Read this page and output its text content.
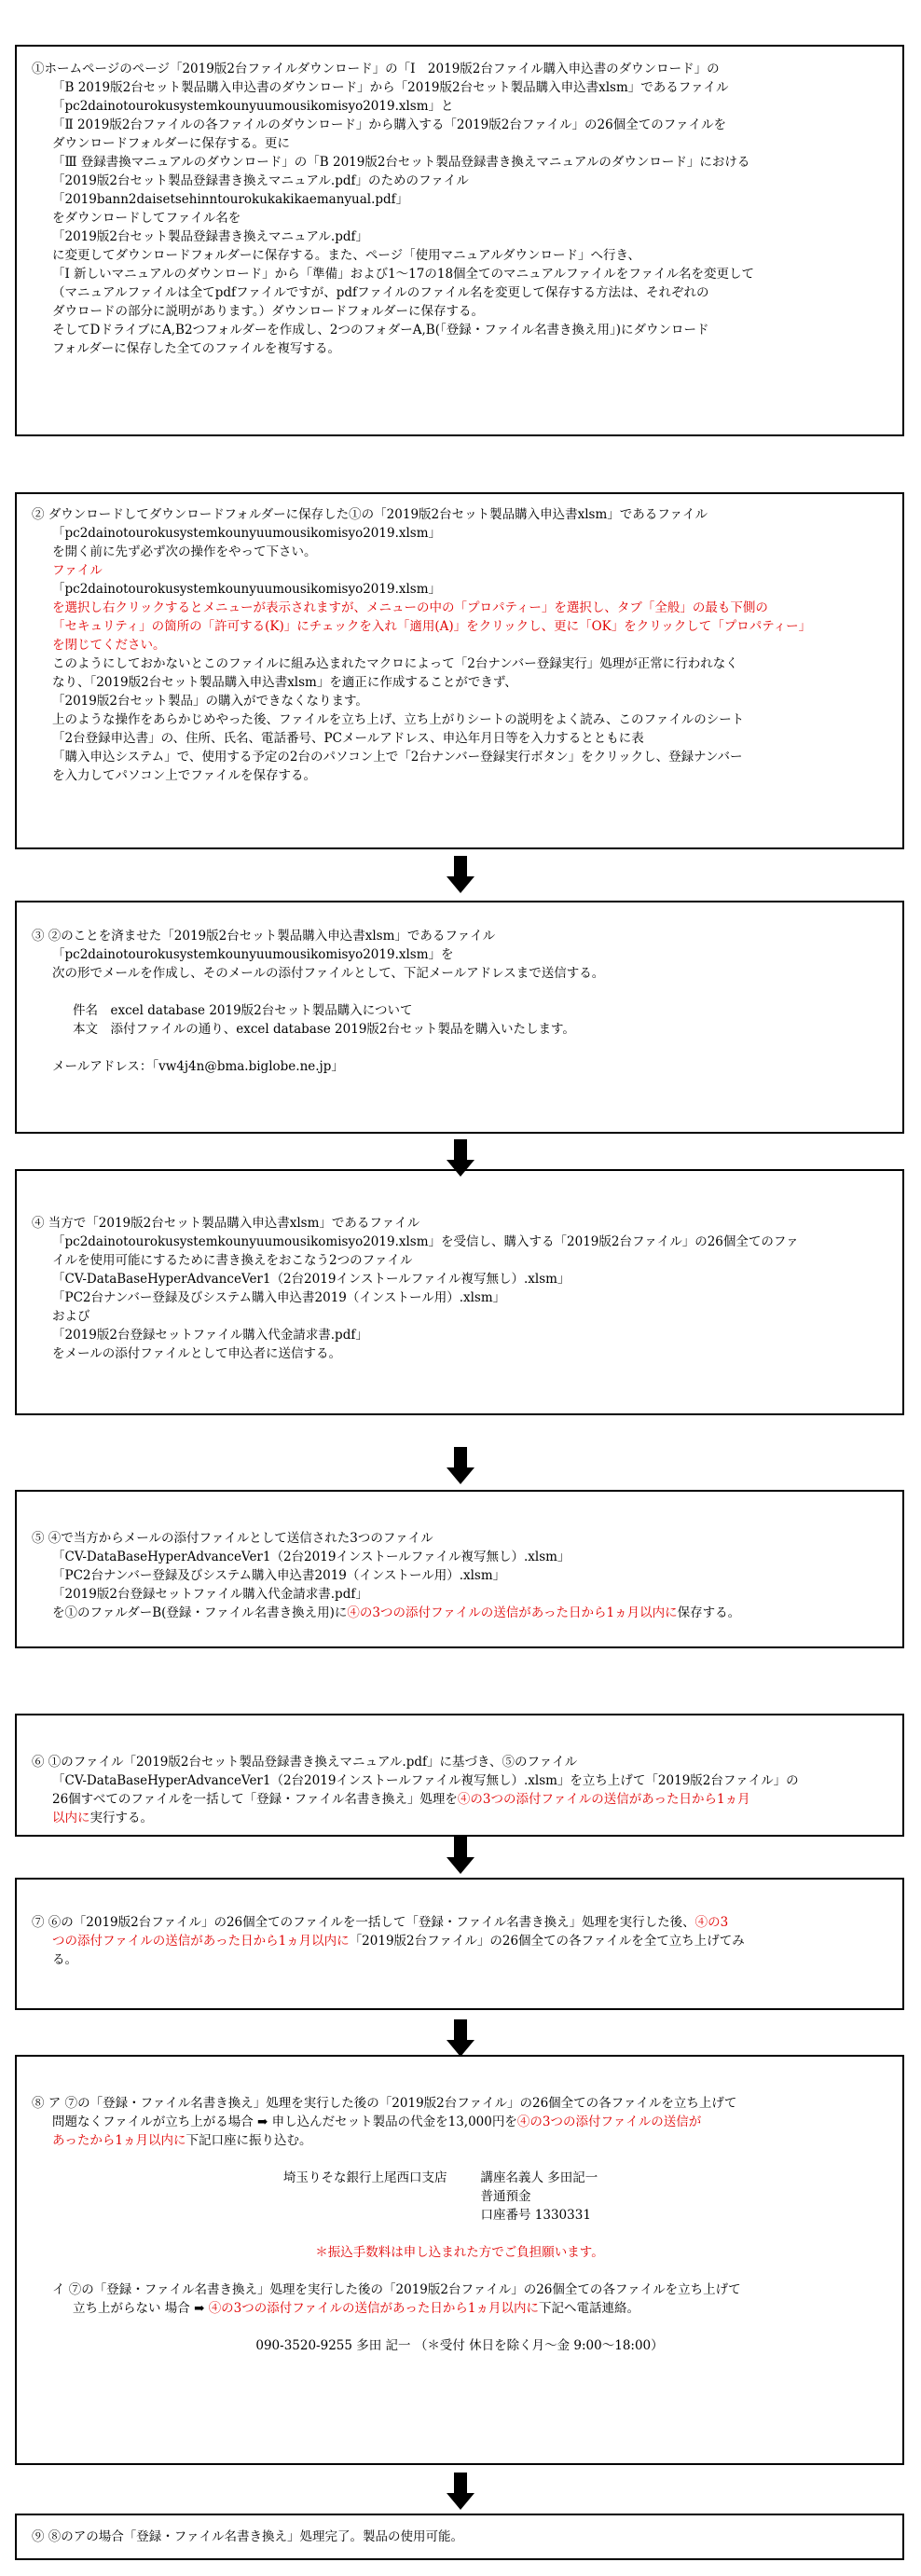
①ホームページのページ「2019版2台ファイルダウンロード」の「Ⅰ　2019版2台ファイル購入申込書のダウンロード」の

「B 2019版2台セット製品購入申込書のダウンロード」から「2019版2台セット製品購入申込書xlsm」であるファイル

「pc2dainotourokusystemkounyuumousikomisyo2019.xlsm」と

「Ⅱ 2019版2台ファイルの各ファイルのダウンロード」から購入する「2019版2台ファイル」の26個全てのファイルを

ダウンロードフォルダーに保存する。更に

「Ⅲ 登録書換マニュアルのダウンロード」の「B 2019版2台セット製品登録書き換えマニュアルのダウンロード」における

「2019版2台セット製品登録書き換えマニュアル.pdf」のためのファイル

「2019bann2daisetsehinntourokukakikaemanyual.pdf」

をダウンロードしてファイル名を

「2019版2台セット製品登録書き換えマニュアル.pdf」

に変更してダウンロードフォルダーに保存する。また、ページ「使用マニュアルダウンロード」へ行き、

「Ⅰ 新しいマニュアルのダウンロード」から「準備」および1～17の18個全てのマニュアルファイルをファイル名を変更して

（マニュアルファイルは全てpdfファイルですが、pdfファイルのファイル名を変更して保存する方法は、それぞれの

ダウロードの部分に説明があります。）ダウンロードフォルダーに保存する。

そしてDドライブにA,B2つフォルダーを作成し、2つのフォダーA,B(「登録・ファイル名書き換え用」)にダウンロード

フォルダーに保存した全てのファイルを複写する。

② ダウンロードしてダウンロードフォルダーに保存した①の「2019版2台セット製品購入申込書xlsm」であるファイル

「pc2dainotourokusystemkounyuumousikomisyo2019.xlsm」

を開く前に先ず必ず次の操作をやって下さい。

ファイル

「pc2dainotourokusystemkounyuumousikomisyo2019.xlsm」

を選択し右クリックするとメニューが表示されますが、メニューの中の「プロパティー」を選択し、タブ「全般」の最も下側の

「セキュリティ」の箇所の「許可する(K)」にチェックを入れ「適用(A)」をクリックし、更に「OK」をクリックして「プロパティー」

を閉じてください。

このようにしておかないとこのファイルに組み込まれたマクロによって「2台ナンバー登録実行」処理が正常に行われなく

なり、「2019版2台セット製品購入申込書xlsm」を適正に作成することができず、

「2019版2台セット製品」の購入ができなくなります。

上のような操作をあらかじめやった後、ファイルを立ち上げ、立ち上がりシートの説明をよく読み、このファイルのシート

「2台登録申込書」の、住所、氏名、電話番号、PCメールアドレス、申込年月日等を入力するとともに表

「購入申込システム」で、使用する予定の2台のパソコン上で「2台ナンバー登録実行ボタン」をクリックし、登録ナンバー

を入力してパソコン上でファイルを保存する。

③ ②のことを済ませた「2019版2台セット製品購入申込書xlsm」であるファイル

「pc2dainotourokusystemkounyuumousikomisyo2019.xlsm」を

次の形でメールを作成し、そのメールの添付ファイルとして、下記メールアドレスまで送信する。

件名　excel database 2019版2台セット製品購入について

本文　添付ファイルの通り、excel database 2019版2台セット製品を購入いたします。

メールアドレス：「vw4j4n@bma.biglobe.ne.jp」

④ 当方で「2019版2台セット製品購入申込書xlsm」であるファイル

「pc2dainotourokusystemkounyuumousikomisyo2019.xlsm」を受信し、購入する「2019版2台ファイル」の26個全てのファ

イルを使用可能にするために書き換えをおこなう2つのファイル

「CV-DataBaseHyperAdvanceVer1（2台2019インストールファイル複写無し）.xlsm」

「PC2台ナンバー登録及びシステム購入申込書2019（インストール用）.xlsm」

および

「2019版2台登録セットファイル購入代金請求書.pdf」

をメールの添付ファイルとして申込者に送信する。

⑤ ④で当方からメールの添付ファイルとして送信された3つのファイル

「CV-DataBaseHyperAdvanceVer1（2台2019インストールファイル複写無し）.xlsm」

「PC2台ナンバー登録及びシステム購入申込書2019（インストール用）.xlsm」

「2019版2台登録セットファイル購入代金請求書.pdf」

を①のファルダーB(登録・ファイル名書き換え用)に④の3つの添付ファイルの送信があった日から1ヵ月以内に保存する。

⑥ ①のファイル「2019版2台セット製品登録書き換えマニュアル.pdf」に基づき、⑤のファイル

「CV-DataBaseHyperAdvanceVer1（2台2019インストールファイル複写無し）.xlsm」を立ち上げて「2019版2台ファイル」の

26個すべてのファイルを一括して「登録・ファイル名書き換え」処理を④の3つの添付ファイルの送信があった日から1ヵ月

以内に実行する。

⑦ ⑥の「2019版2台ファイル」の26個全てのファイルを一括して「登録・ファイル名書き換え」処理を実行した後、④の3

つの添付ファイルの送信があった日から1ヵ月以内に「2019版2台ファイル」の26個全ての各ファイルを全て立ち上げてみ

る。

⑧ ア ⑦の「登録・ファイル名書き換え」処理を実行した後の「2019版2台ファイル」の26個全ての各ファイルを立ち上げて

問題なくファイルが立ち上がる場合 ➡ 申し込んだセット製品の代金を13,000円を④の3つの添付ファイルの送信が

あったから1ヵ月以内に下記口座に振り込む。

埼玉りそな銀行上尾西口支店	講座名義人 多田記一
普通預金
口座番号 1330331

＊振込手数料は申し込まれた方でご負担願います。

イ ⑦の「登録・ファイル名書き換え」処理を実行した後の「2019版2台ファイル」の26個全ての各ファイルを立ち上げて

立ち上がらない 場合 ➡ ④の3つの添付ファイルの送信があった日から1ヵ月以内に下記へ電話連絡。

090-3520-9255 多田 記一 （＊受付 休日を除く月～金 9:00～18:00）

⑨ ⑧のアの場合「登録・ファイル名書き換え」処理完了。製品の使用可能。
